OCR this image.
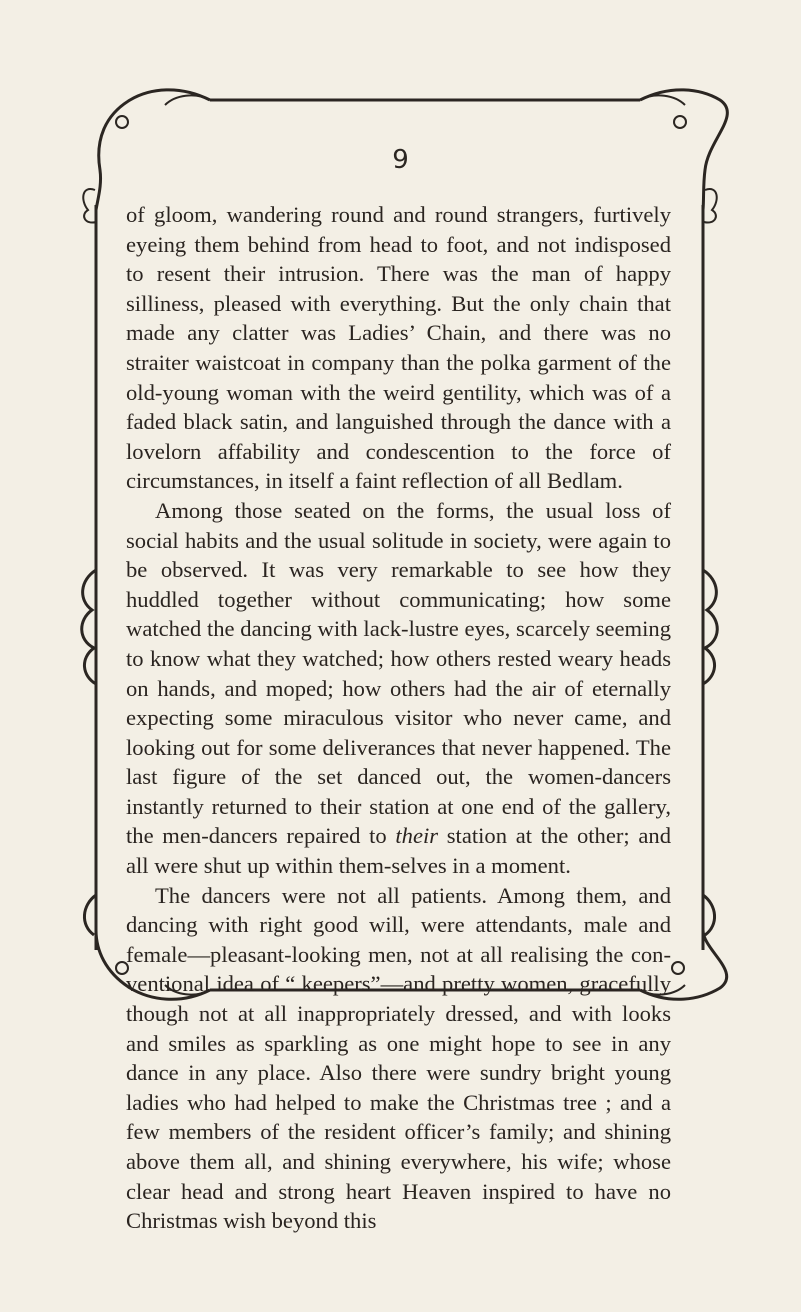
9

of gloom, wandering round and round strangers, furtively eyeing them behind from head to foot, and not indisposed to resent their intrusion. There was the man of happy silliness, pleased with everything. But the only chain that made any clatter was Ladies’ Chain, and there was no straiter waistcoat in company than the polka garment of the old-young woman with the weird gentility, which was of a faded black satin, and languished through the dance with a lovelorn affability and condescention to the force of circumstances, in itself a faint reflection of all Bedlam.

Among those seated on the forms, the usual loss of social habits and the usual solitude in society, were again to be observed. It was very remarkable to see how they huddled together without communicating; how some watched the dancing with lack-lustre eyes, scarcely seeming to know what they watched; how others rested weary heads on hands, and moped; how others had the air of eternally expecting some miraculous visitor who never came, and looking out for some deliverances that never happened. The last figure of the set danced out, the women-dancers instantly returned to their station at one end of the gallery, the men-dancers repaired to their station at the other; and all were shut up within them-selves in a moment.

The dancers were not all patients. Among them, and dancing with right good will, were attendants, male and female—pleasant-looking men, not at all realising the con-ventional idea of “ keepers”—and pretty women, gracefully though not at all inappropriately dressed, and with looks and smiles as sparkling as one might hope to see in any dance in any place. Also there were sundry bright young ladies who had helped to make the Christmas tree ; and a few members of the resident officer’s family; and shining above them all, and shining everywhere, his wife; whose clear head and strong heart Heaven inspired to have no Christmas wish beyond this
